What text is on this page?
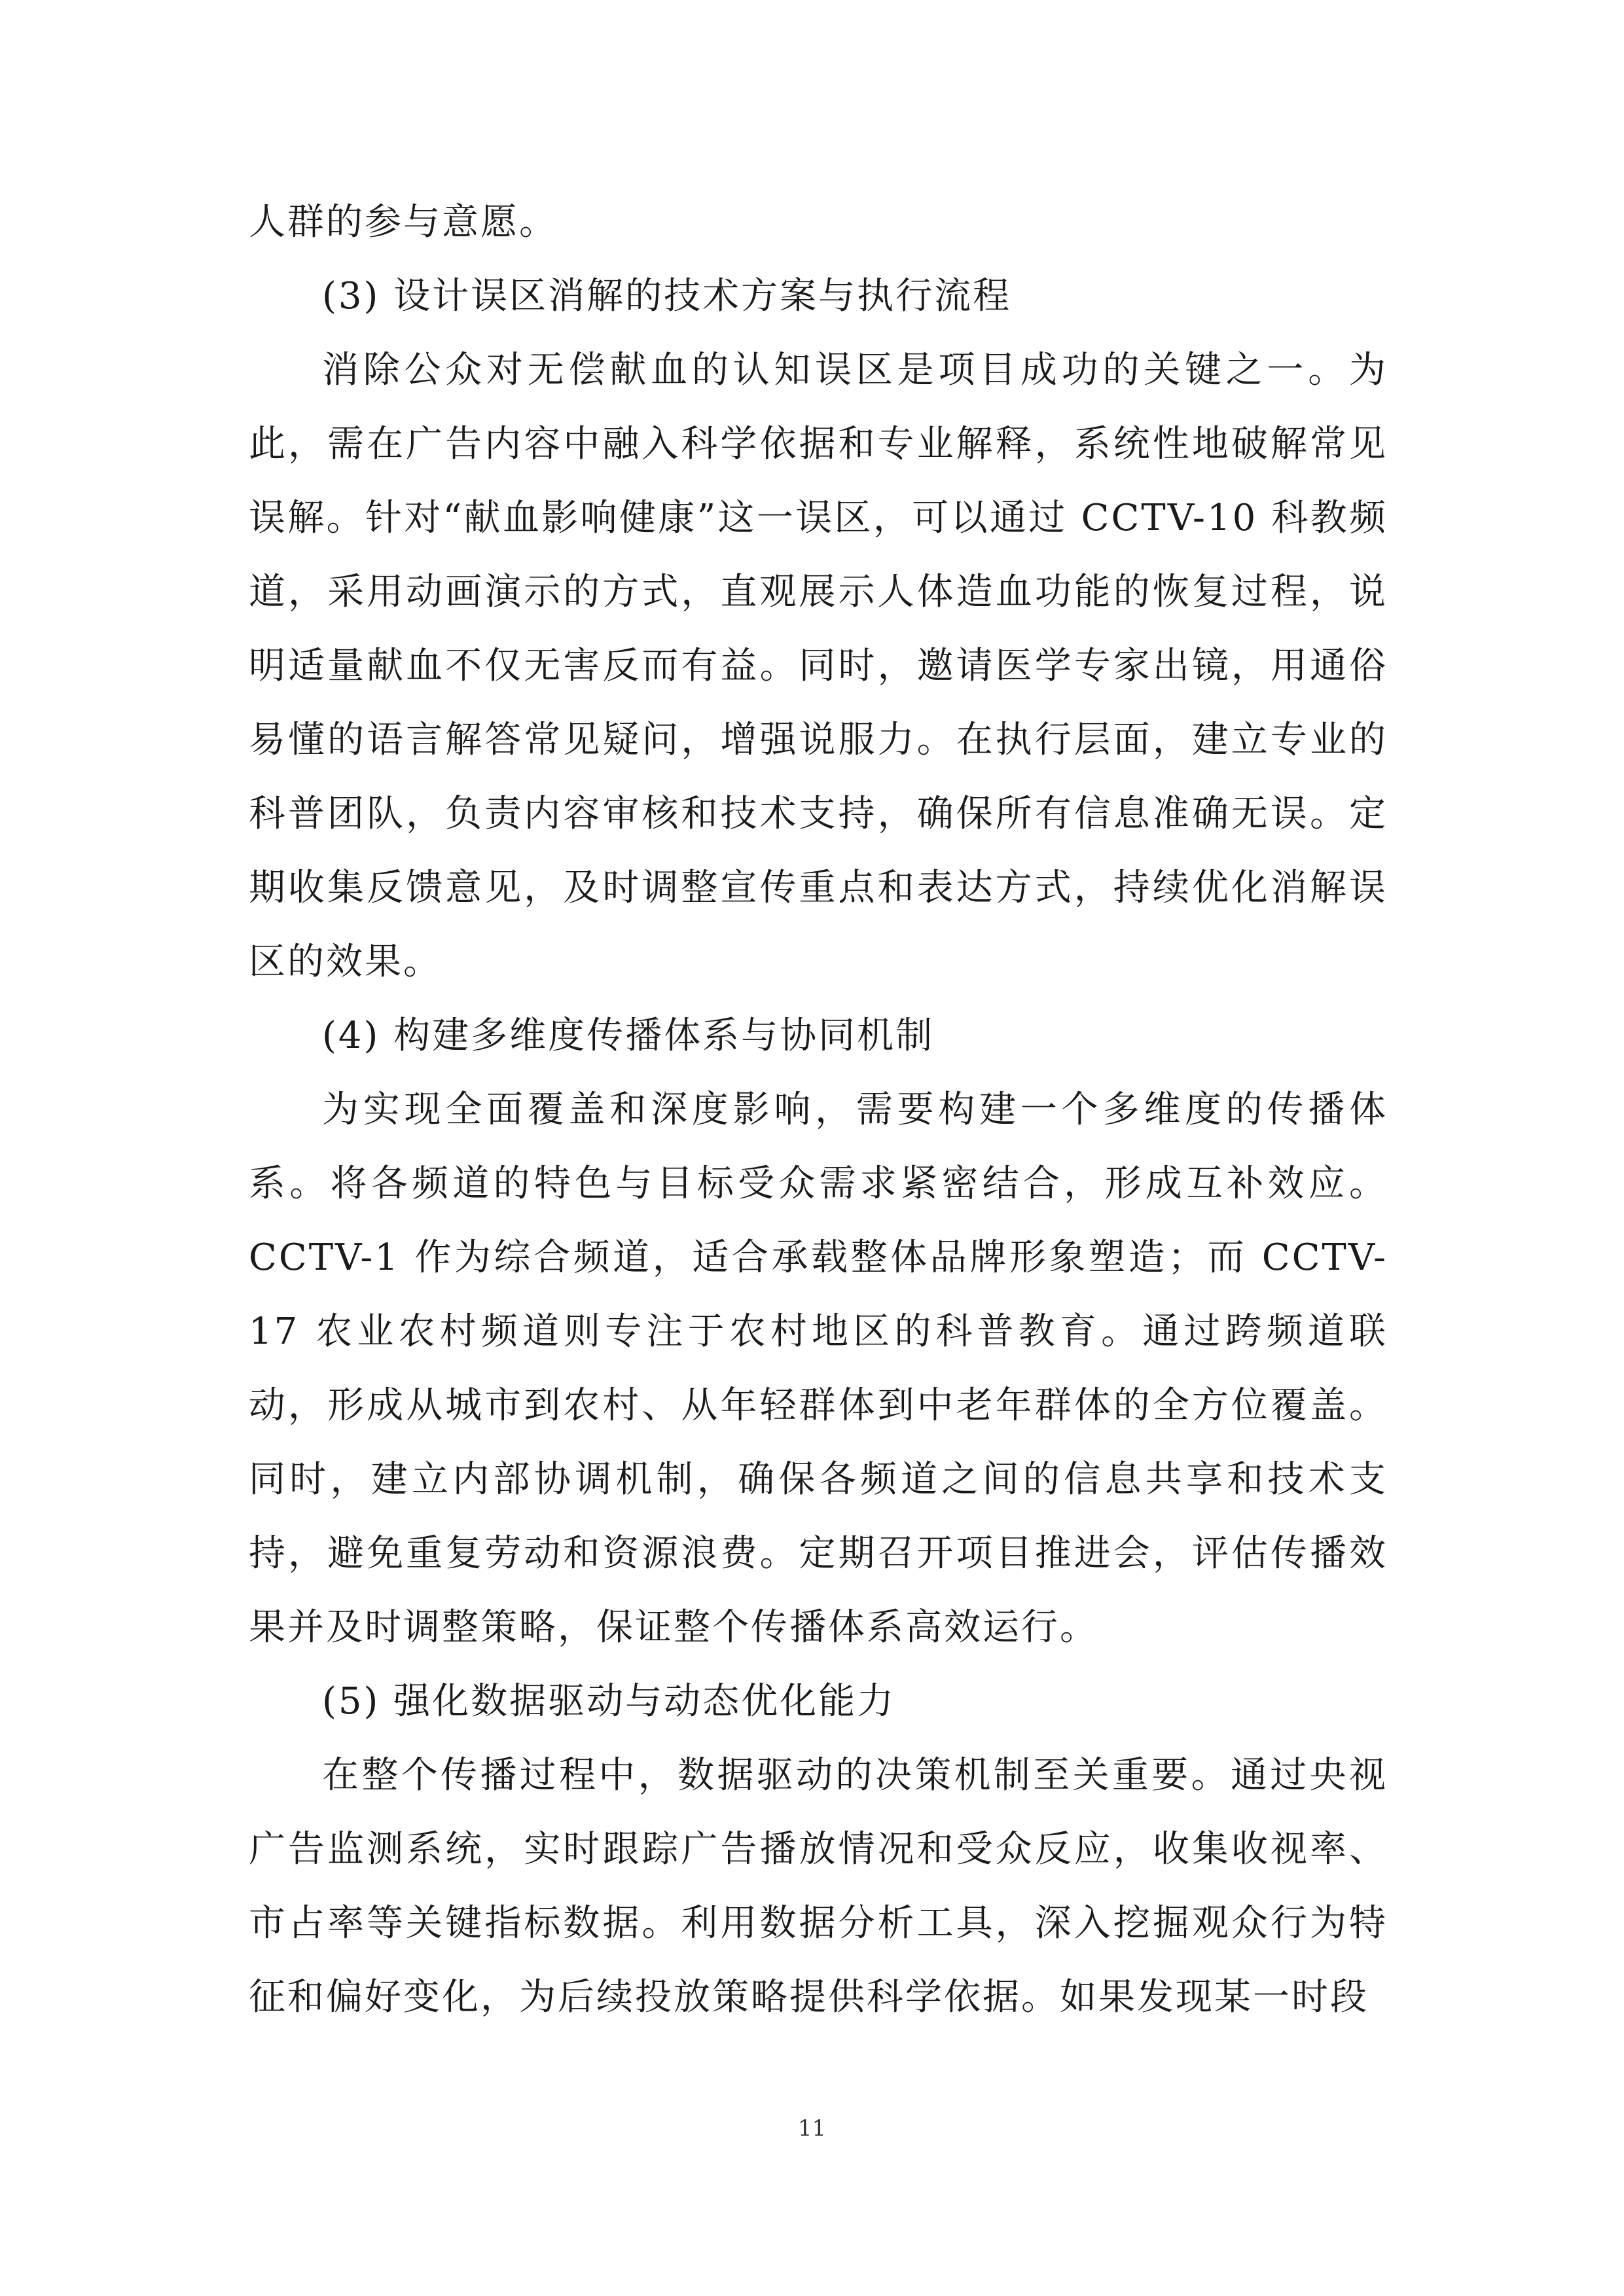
人群的参与意愿。

(3) 设计误区消解的技术方案与执行流程

消除公众对无偿献血的认知误区是项目成功的关键之一。为此，需在广告内容中融入科学依据和专业解释，系统性地破解常见误解。针对“献血影响健康”这一误区，可以通过 CCTV-10 科教频道，采用动画演示的方式，直观展示人体造血功能的恢复过程，说明适量献血不仅无害反而有益。同时，邀请医学专家出镜，用通俗易懂的语言解答常见疑问，增强说服力。在执行层面，建立专业的科普团队，负责内容审核和技术支持，确保所有信息准确无误。定期收集反馈意见，及时调整宣传重点和表达方式，持续优化消解误区的效果。

(4) 构建多维度传播体系与协同机制

为实现全面覆盖和深度影响，需要构建一个多维度的传播体系。将各频道的特色与目标受众需求紧密结合，形成互补效应。CCTV-1 作为综合频道，适合承载整体品牌形象塑造；而 CCTV-17 农业农村频道则专注于农村地区的科普教育。通过跨频道联动，形成从城市到农村、从年轻群体到中老年群体的全方位覆盖。同时，建立内部协调机制，确保各频道之间的信息共享和技术支持，避免重复劳动和资源浪费。定期召开项目推进会，评估传播效果并及时调整策略，保证整个传播体系高效运行。

(5) 强化数据驱动与动态优化能力

在整个传播过程中，数据驱动的决策机制至关重要。通过央视广告监测系统，实时跟踪广告播放情况和受众反应，收集收视率、市占率等关键指标数据。利用数据分析工具，深入挖掘观众行为特征和偏好变化，为后续投放策略提供科学依据。如果发现某一时段

11
